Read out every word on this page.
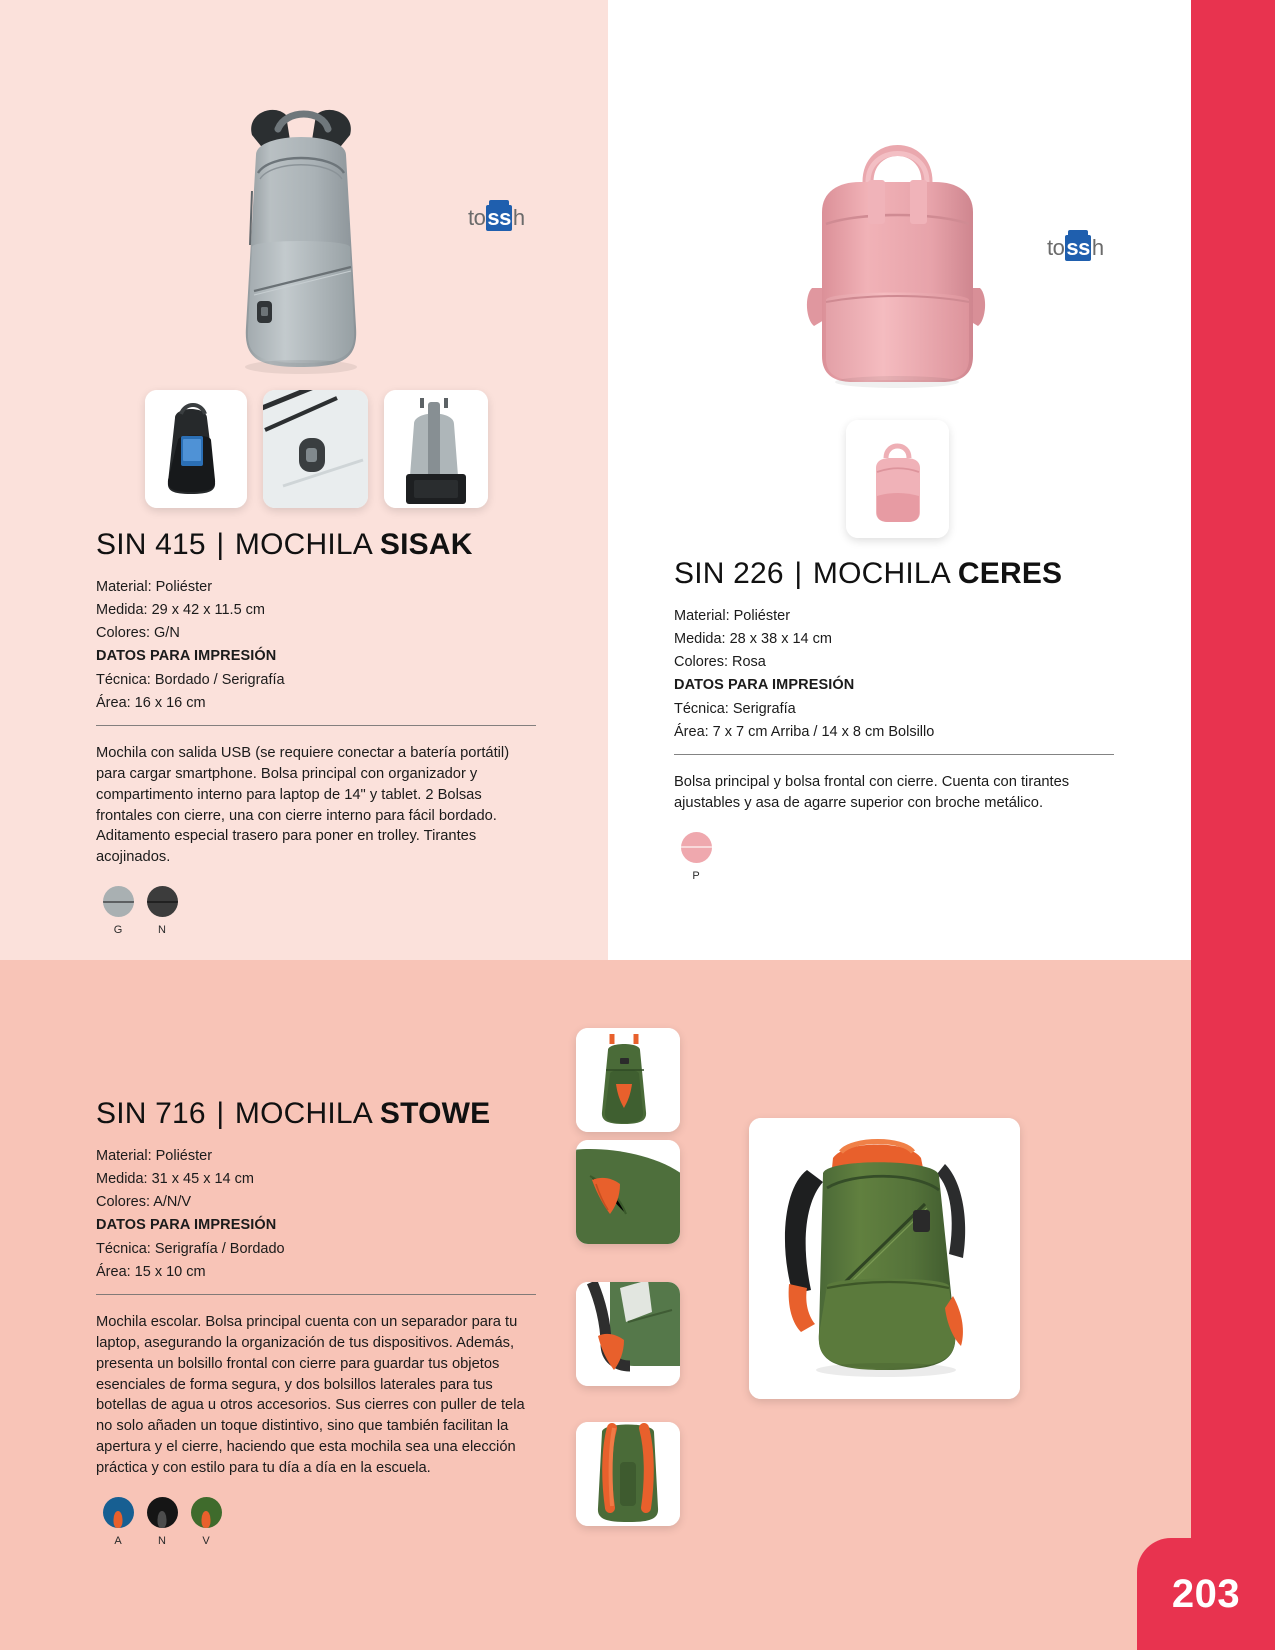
to ss h
SIN 415 | MOCHILA SISAK
Material: Poliéster
Medida: 29 x 42 x 11.5 cm
Colores: G/N
DATOS PARA IMPRESIÓN
Técnica: Bordado / Serigrafía
Área: 16 x 16 cm
Mochila con salida USB (se requiere conectar a batería portátil) para cargar smartphone. Bolsa principal con organizador y compartimento interno para laptop de 14" y tablet. 2 Bolsas frontales con cierre, una con cierre interno para fácil bordado. Aditamento especial trasero para poner en trolley. Tirantes acojinados.
G	N
to ss h
SIN 226 | MOCHILA CERES
Material: Poliéster
Medida: 28 x 38 x 14 cm
Colores: Rosa
DATOS PARA IMPRESIÓN
Técnica: Serigrafía
Área: 7 x 7 cm Arriba / 14 x 8 cm Bolsillo
Bolsa principal y bolsa frontal con cierre. Cuenta con tirantes ajustables y asa de agarre superior con broche metálico.
P
SIN 716 | MOCHILA STOWE
Material: Poliéster
Medida: 31 x 45 x 14 cm
Colores: A/N/V
DATOS PARA IMPRESIÓN
Técnica: Serigrafía / Bordado
Área: 15 x 10 cm
Mochila escolar. Bolsa principal cuenta con un separador para tu laptop, asegurando la organización de tus dispositivos. Además, presenta un bolsillo frontal con cierre para guardar tus objetos esenciales de forma segura, y dos bolsillos laterales para tus botellas de agua u otros accesorios. Sus cierres con puller de tela no solo añaden un toque distintivo, sino que también facilitan la apertura y el cierre, haciendo que esta mochila sea una elección práctica y con estilo para tu día a día en la escuela.
A	N	V
203
